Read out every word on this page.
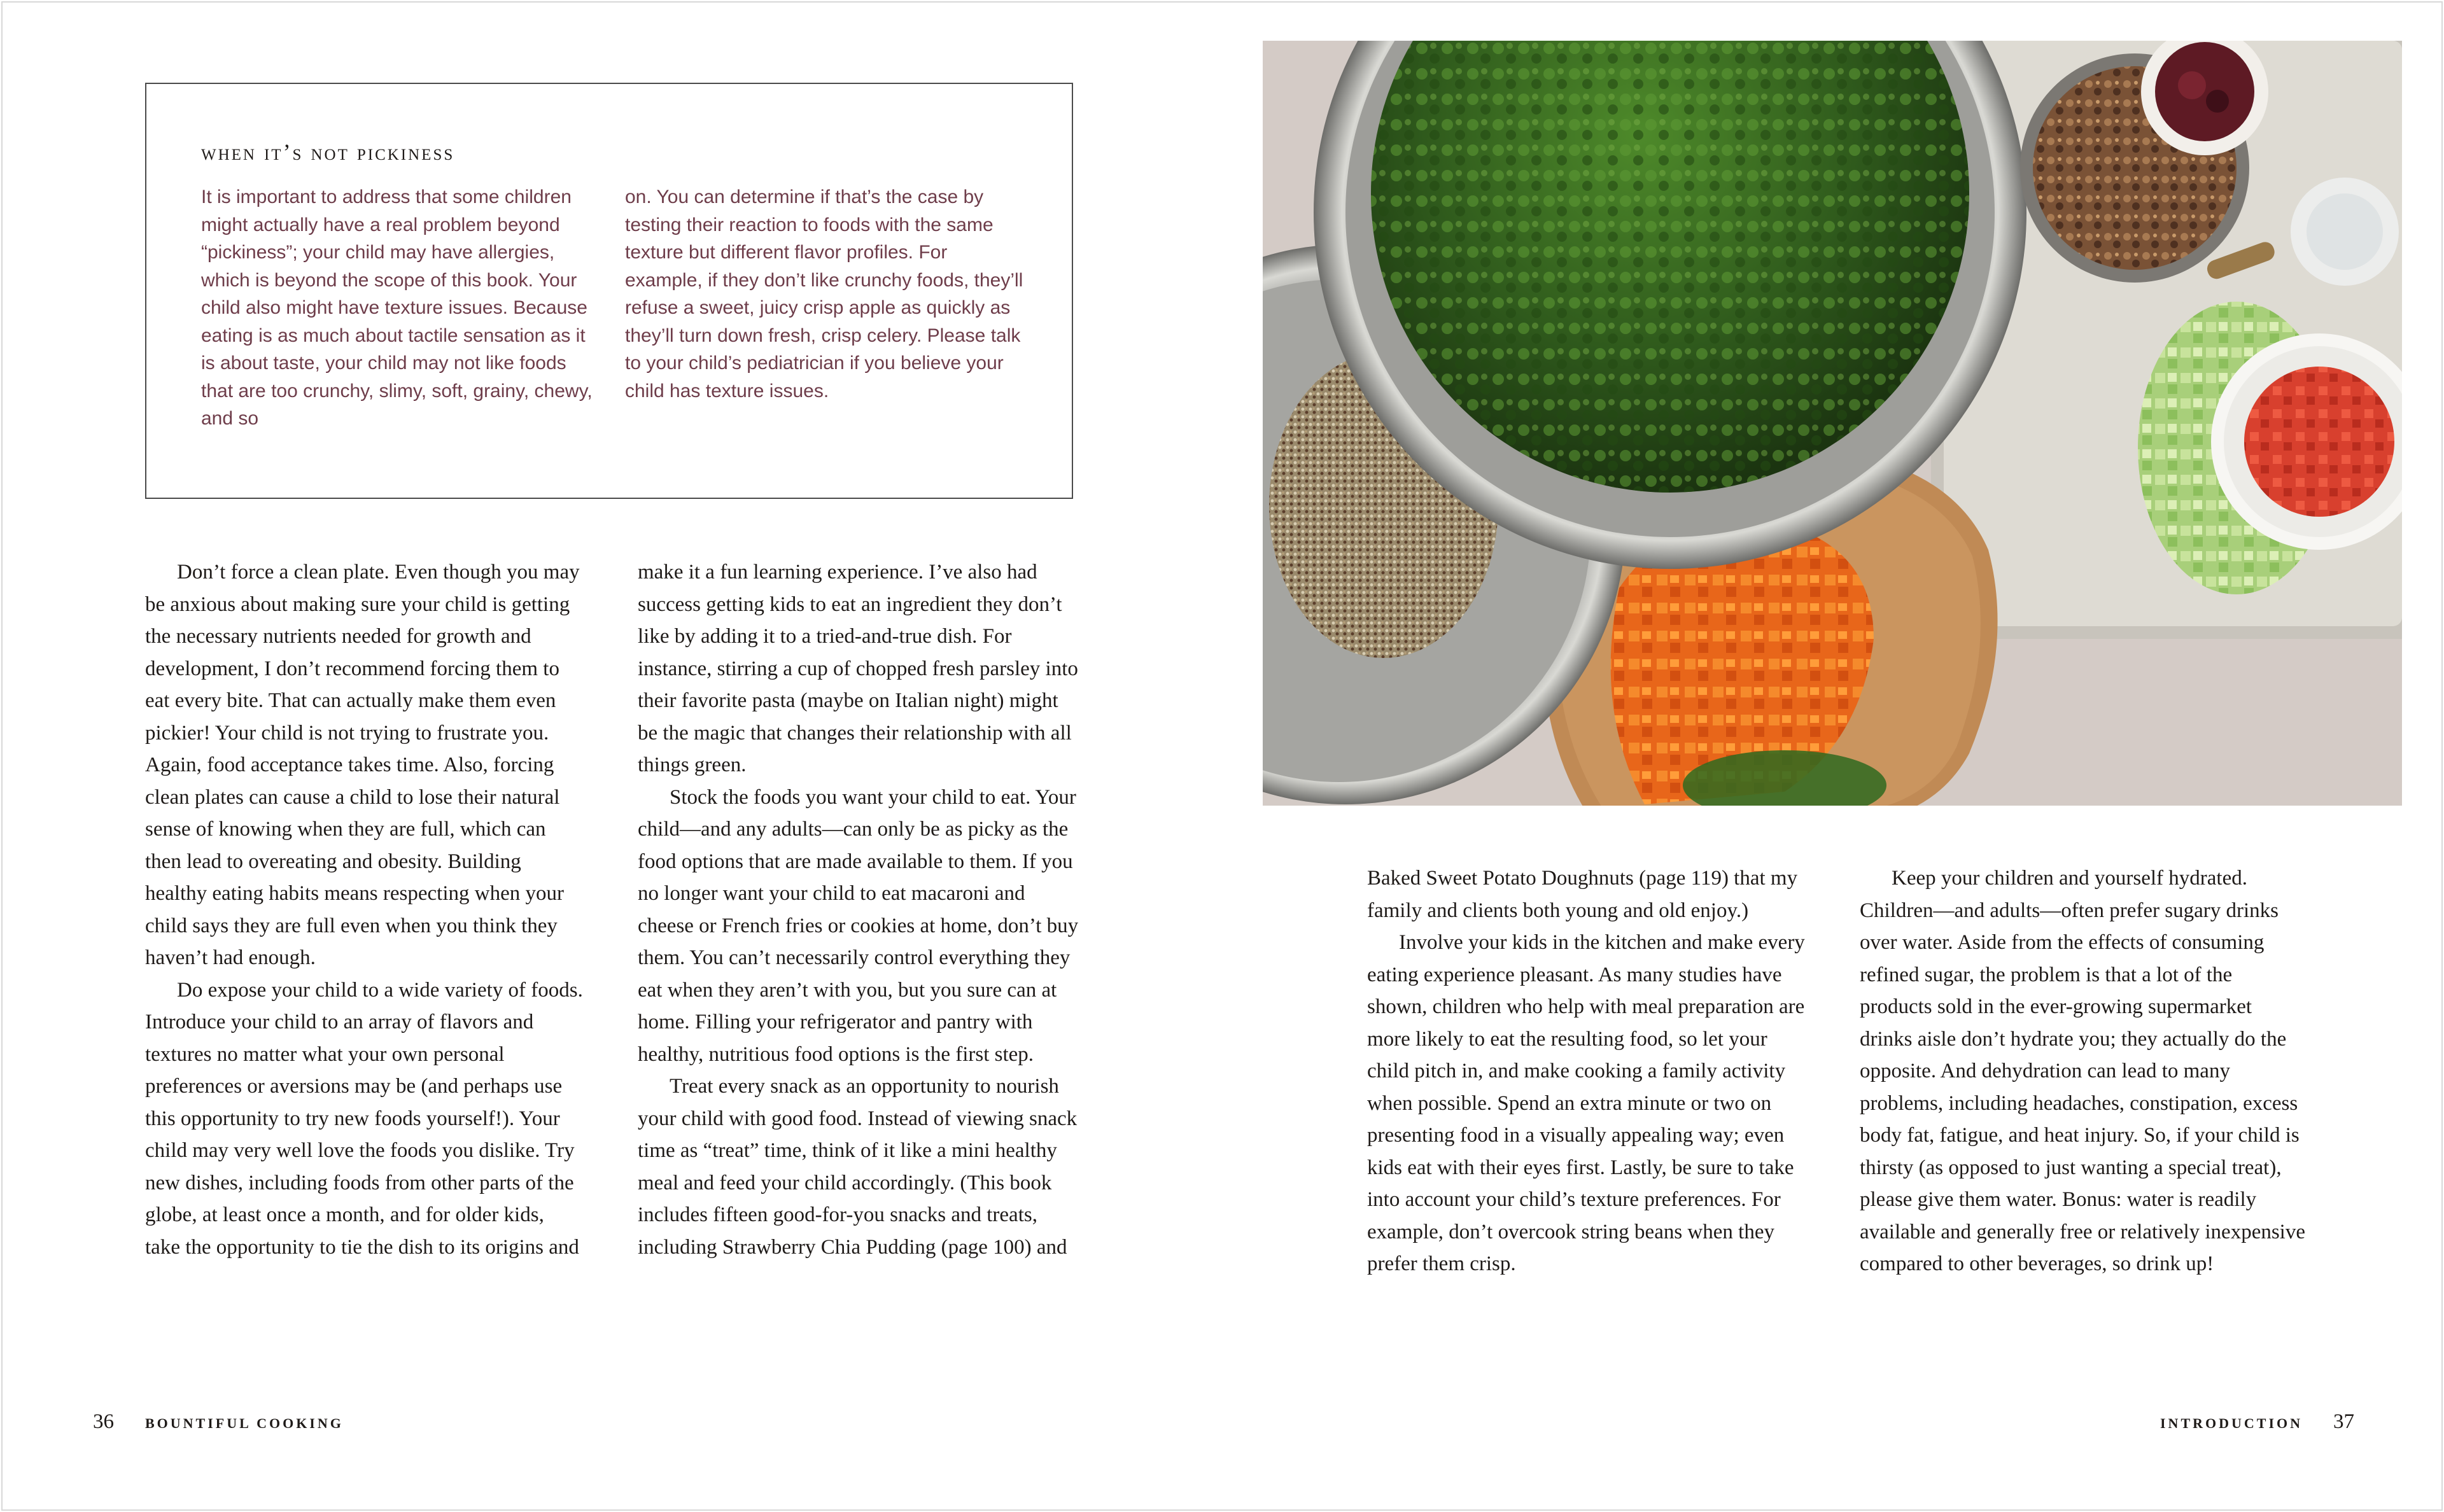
when it’s not pickiness

It is important to address that some children might actually have a real problem beyond “pickiness”; your child may have allergies, which is beyond the scope of this book. Your child also might have texture issues. Because eating is as much about tactile sensation as it is about taste, your child may not like foods that are too crunchy, slimy, soft, grainy, chewy, and so

on. You can determine if that’s the case by testing their reaction to foods with the same texture but different flavor profiles. For example, if they don’t like crunchy foods, they’ll refuse a sweet, juicy crisp apple as quickly as they’ll turn down fresh, crisp celery. Please talk to your child’s pediatrician if you believe your child has texture issues.

Don’t force a clean plate. Even though you may be anxious about making sure your child is getting the necessary nutrients needed for growth and development, I don’t recommend forcing them to eat every bite. That can actually make them even pickier! Your child is not trying to frustrate you. Again, food acceptance takes time. Also, forcing clean plates can cause a child to lose their natural sense of knowing when they are full, which can then lead to overeating and obesity. Building healthy eating habits means respecting when your child says they are full even when you think they haven’t had enough.

Do expose your child to a wide variety of foods. Introduce your child to an array of flavors and textures no matter what your own personal preferences or aversions may be (and perhaps use this opportunity to try new foods yourself!). Your child may very well love the foods you dislike. Try new dishes, including foods from other parts of the globe, at least once a month, and for older kids, take the opportunity to tie the dish to its origins and

make it a fun learning experience. I’ve also had success getting kids to eat an ingredient they don’t like by adding it to a tried-and-true dish. For instance, stirring a cup of chopped fresh parsley into their favorite pasta (maybe on Italian night) might be the magic that changes their relationship with all things green.

Stock the foods you want your child to eat. Your child—and any adults—can only be as picky as the food options that are made available to them. If you no longer want your child to eat macaroni and cheese or French fries or cookies at home, don’t buy them. You can’t necessarily control everything they eat when they aren’t with you, but you sure can at home. Filling your refrigerator and pantry with healthy, nutritious food options is the first step.

Treat every snack as an opportunity to nourish your child with good food. Instead of viewing snack time as “treat” time, think of it like a mini healthy meal and feed your child accordingly. (This book includes fifteen good-for-you snacks and treats, including Strawberry Chia Pudding (page 100) and

Baked Sweet Potato Doughnuts (page 119) that my family and clients both young and old enjoy.)

Involve your kids in the kitchen and make every eating experience pleasant. As many studies have shown, children who help with meal preparation are more likely to eat the resulting food, so let your child pitch in, and make cooking a family activity when possible. Spend an extra minute or two on presenting food in a visually appealing way; even kids eat with their eyes first. Lastly, be sure to take into account your child’s texture preferences. For example, don’t overcook string beans when they prefer them crisp.

Keep your children and yourself hydrated. Children—and adults—often prefer sugary drinks over water. Aside from the effects of consuming refined sugar, the problem is that a lot of the products sold in the ever-growing supermarket drinks aisle don’t hydrate you; they actually do the opposite. And dehydration can lead to many problems, including headaches, constipation, excess body fat, fatigue, and heat injury. So, if your child is thirsty (as opposed to just wanting a special treat), please give them water. Bonus: water is readily available and generally free or relatively inexpensive compared to other beverages, so drink up!

36 BOUNTIFUL COOKING	INTRODUCTION 37
